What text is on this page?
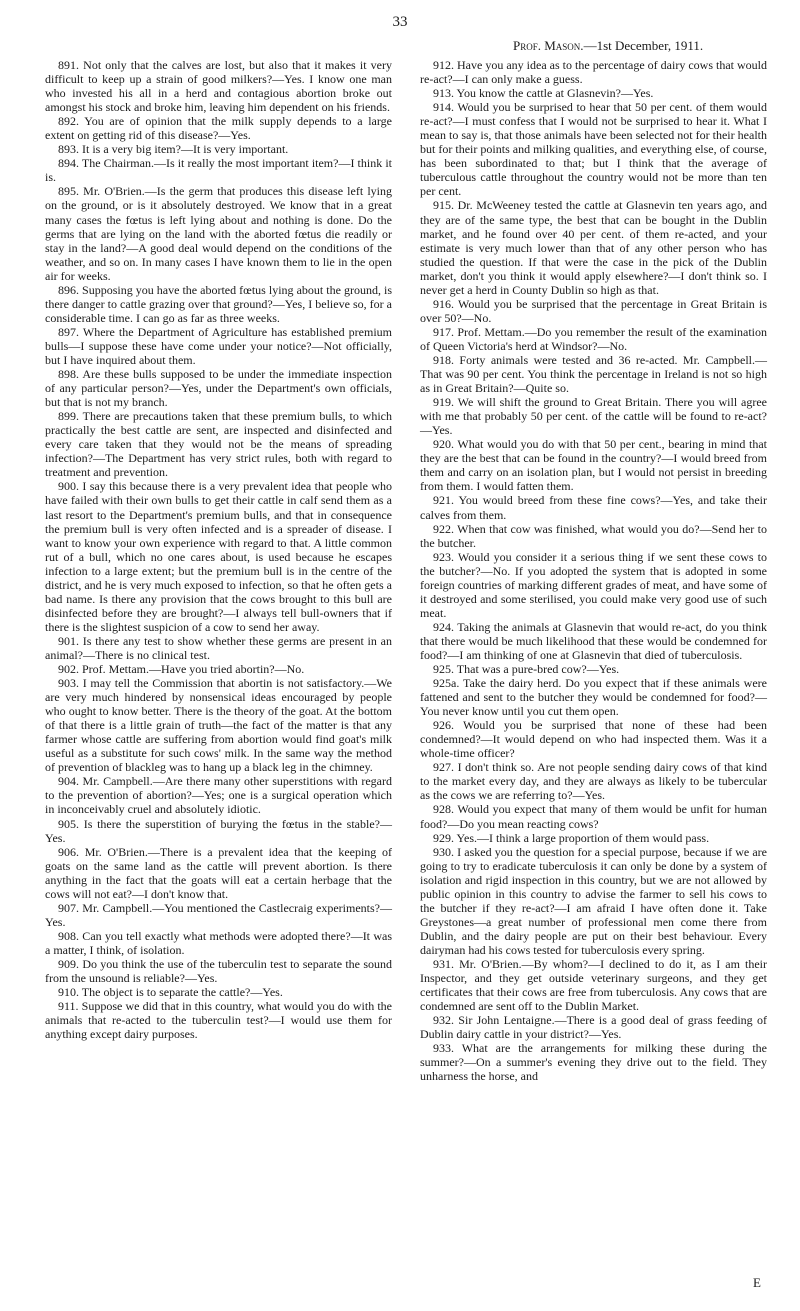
33
Prof. Mason.—1st December, 1911.

891. Not only that the calves are lost, but also that it makes it very difficult to keep up a strain of good milkers?—Yes. I know one man who invested his all in a herd and contagious abortion broke out amongst his stock and broke him, leaving him dependent on his friends.

892. You are of opinion that the milk supply depends to a large extent on getting rid of this disease?—Yes.

893. It is a very big item?—It is very important.

894. The Chairman.—Is it really the most important item?—I think it is.

895. Mr. O'Brien.—Is the germ that produces this disease left lying on the ground, or is it absolutely destroyed. We know that in a great many cases the fœtus is left lying about and nothing is done. Do the germs that are lying on the land with the aborted fœtus die readily or stay in the land?—A good deal would depend on the conditions of the weather, and so on. In many cases I have known them to lie in the open air for weeks.

896. Supposing you have the aborted fœtus lying about the ground, is there danger to cattle grazing over that ground?—Yes, I believe so, for a considerable time. I can go as far as three weeks.

897. Where the Department of Agriculture has established premium bulls—I suppose these have come under your notice?—Not officially, but I have inquired about them.

898. Are these bulls supposed to be under the immediate inspection of any particular person?—Yes, under the Department's own officials, but that is not my branch.

899. There are precautions taken that these premium bulls, to which practically the best cattle are sent, are inspected and disinfected and every care taken that they would not be the means of spreading infection?—The Department has very strict rules, both with regard to treatment and prevention.

900. I say this because there is a very prevalent idea that people who have failed with their own bulls to get their cattle in calf send them as a last resort to the Department's premium bulls, and that in consequence the premium bull is very often infected and is a spreader of disease. I want to know your own experience with regard to that. A little common rut of a bull, which no one cares about, is used because he escapes infection to a large extent; but the premium bull is in the centre of the district, and he is very much exposed to infection, so that he often gets a bad name. Is there any provision that the cows brought to this bull are disinfected before they are brought?—I always tell bull-owners that if there is the slightest suspicion of a cow to send her away.

901. Is there any test to show whether these germs are present in an animal?—There is no clinical test.

902. Prof. Mettam.—Have you tried abortin?—No.

903. I may tell the Commission that abortin is not satisfactory.—We are very much hindered by nonsensical ideas encouraged by people who ought to know better. There is the theory of the goat. At the bottom of that there is a little grain of truth—the fact of the matter is that any farmer whose cattle are suffering from abortion would find goat's milk useful as a substitute for such cows' milk. In the same way the method of prevention of blackleg was to hang up a black leg in the chimney.

904. Mr. Campbell.—Are there many other superstitions with regard to the prevention of abortion?—Yes; one is a surgical operation which in inconceivably cruel and absolutely idiotic.

905. Is there the superstition of burying the fœtus in the stable?—Yes.

906. Mr. O'Brien.—There is a prevalent idea that the keeping of goats on the same land as the cattle will prevent abortion. Is there anything in the fact that the goats will eat a certain herbage that the cows will not eat?—I don't know that.

907. Mr. Campbell.—You mentioned the Castlecraig experiments?—Yes.

908. Can you tell exactly what methods were adopted there?—It was a matter, I think, of isolation.

909. Do you think the use of the tuberculin test to separate the sound from the unsound is reliable?—Yes.

910. The object is to separate the cattle?—Yes.

911. Suppose we did that in this country, what would you do with the animals that re-acted to the tuberculin test?—I would use them for anything except dairy purposes.

912. Have you any idea as to the percentage of dairy cows that would re-act?—I can only make a guess.

913. You know the cattle at Glasnevin?—Yes.

914. Would you be surprised to hear that 50 per cent. of them would re-act?—I must confess that I would not be surprised to hear it. What I mean to say is, that those animals have been selected not for their health but for their points and milking qualities, and everything else, of course, has been subordinated to that; but I think that the average of tuberculous cattle throughout the country would not be more than ten per cent.

915. Dr. McWeeney tested the cattle at Glasnevin ten years ago, and they are of the same type, the best that can be bought in the Dublin market, and he found over 40 per cent. of them re-acted, and your estimate is very much lower than that of any other person who has studied the question. If that were the case in the pick of the Dublin market, don't you think it would apply elsewhere?—I don't think so. I never get a herd in County Dublin so high as that.

916. Would you be surprised that the percentage in Great Britain is over 50?—No.

917. Prof. Mettam.—Do you remember the result of the examination of Queen Victoria's herd at Windsor?—No.

918. Forty animals were tested and 36 re-acted. Mr. Campbell.—That was 90 per cent. You think the percentage in Ireland is not so high as in Great Britain?—Quite so.

919. We will shift the ground to Great Britain. There you will agree with me that probably 50 per cent. of the cattle will be found to re-act?—Yes.

920. What would you do with that 50 per cent., bearing in mind that they are the best that can be found in the country?—I would breed from them and carry on an isolation plan, but I would not persist in breeding from them. I would fatten them.

921. You would breed from these fine cows?—Yes, and take their calves from them.

922. When that cow was finished, what would you do?—Send her to the butcher.

923. Would you consider it a serious thing if we sent these cows to the butcher?—No. If you adopted the system that is adopted in some foreign countries of marking different grades of meat, and have some of it destroyed and some sterilised, you could make very good use of such meat.

924. Taking the animals at Glasnevin that would re-act, do you think that there would be much likelihood that these would be condemned for food?—I am thinking of one at Glasnevin that died of tuberculosis.

925. That was a pure-bred cow?—Yes.

925a. Take the dairy herd. Do you expect that if these animals were fattened and sent to the butcher they would be condemned for food?—You never know until you cut them open.

926. Would you be surprised that none of these had been condemned?—It would depend on who had inspected them. Was it a whole-time officer?

927. I don't think so. Are not people sending dairy cows of that kind to the market every day, and they are always as likely to be tubercular as the cows we are referring to?—Yes.

928. Would you expect that many of them would be unfit for human food?—Do you mean reacting cows?

929. Yes.—I think a large proportion of them would pass.

930. I asked you the question for a special purpose, because if we are going to try to eradicate tuberculosis it can only be done by a system of isolation and rigid inspection in this country, but we are not allowed by public opinion in this country to advise the farmer to sell his cows to the butcher if they re-act?—I am afraid I have often done it. Take Greystones—a great number of professional men come there from Dublin, and the dairy people are put on their best behaviour. Every dairyman had his cows tested for tuberculosis every spring.

931. Mr. O'Brien.—By whom?—I declined to do it, as I am their Inspector, and they get outside veterinary surgeons, and they get certificates that their cows are free from tuberculosis. Any cows that are condemned are sent off to the Dublin Market.

932. Sir John Lentaigne.—There is a good deal of grass feeding of Dublin dairy cattle in your district?—Yes.

933. What are the arrangements for milking these during the summer?—On a summer's evening they drive out to the field. They unharness the horse, and

E
